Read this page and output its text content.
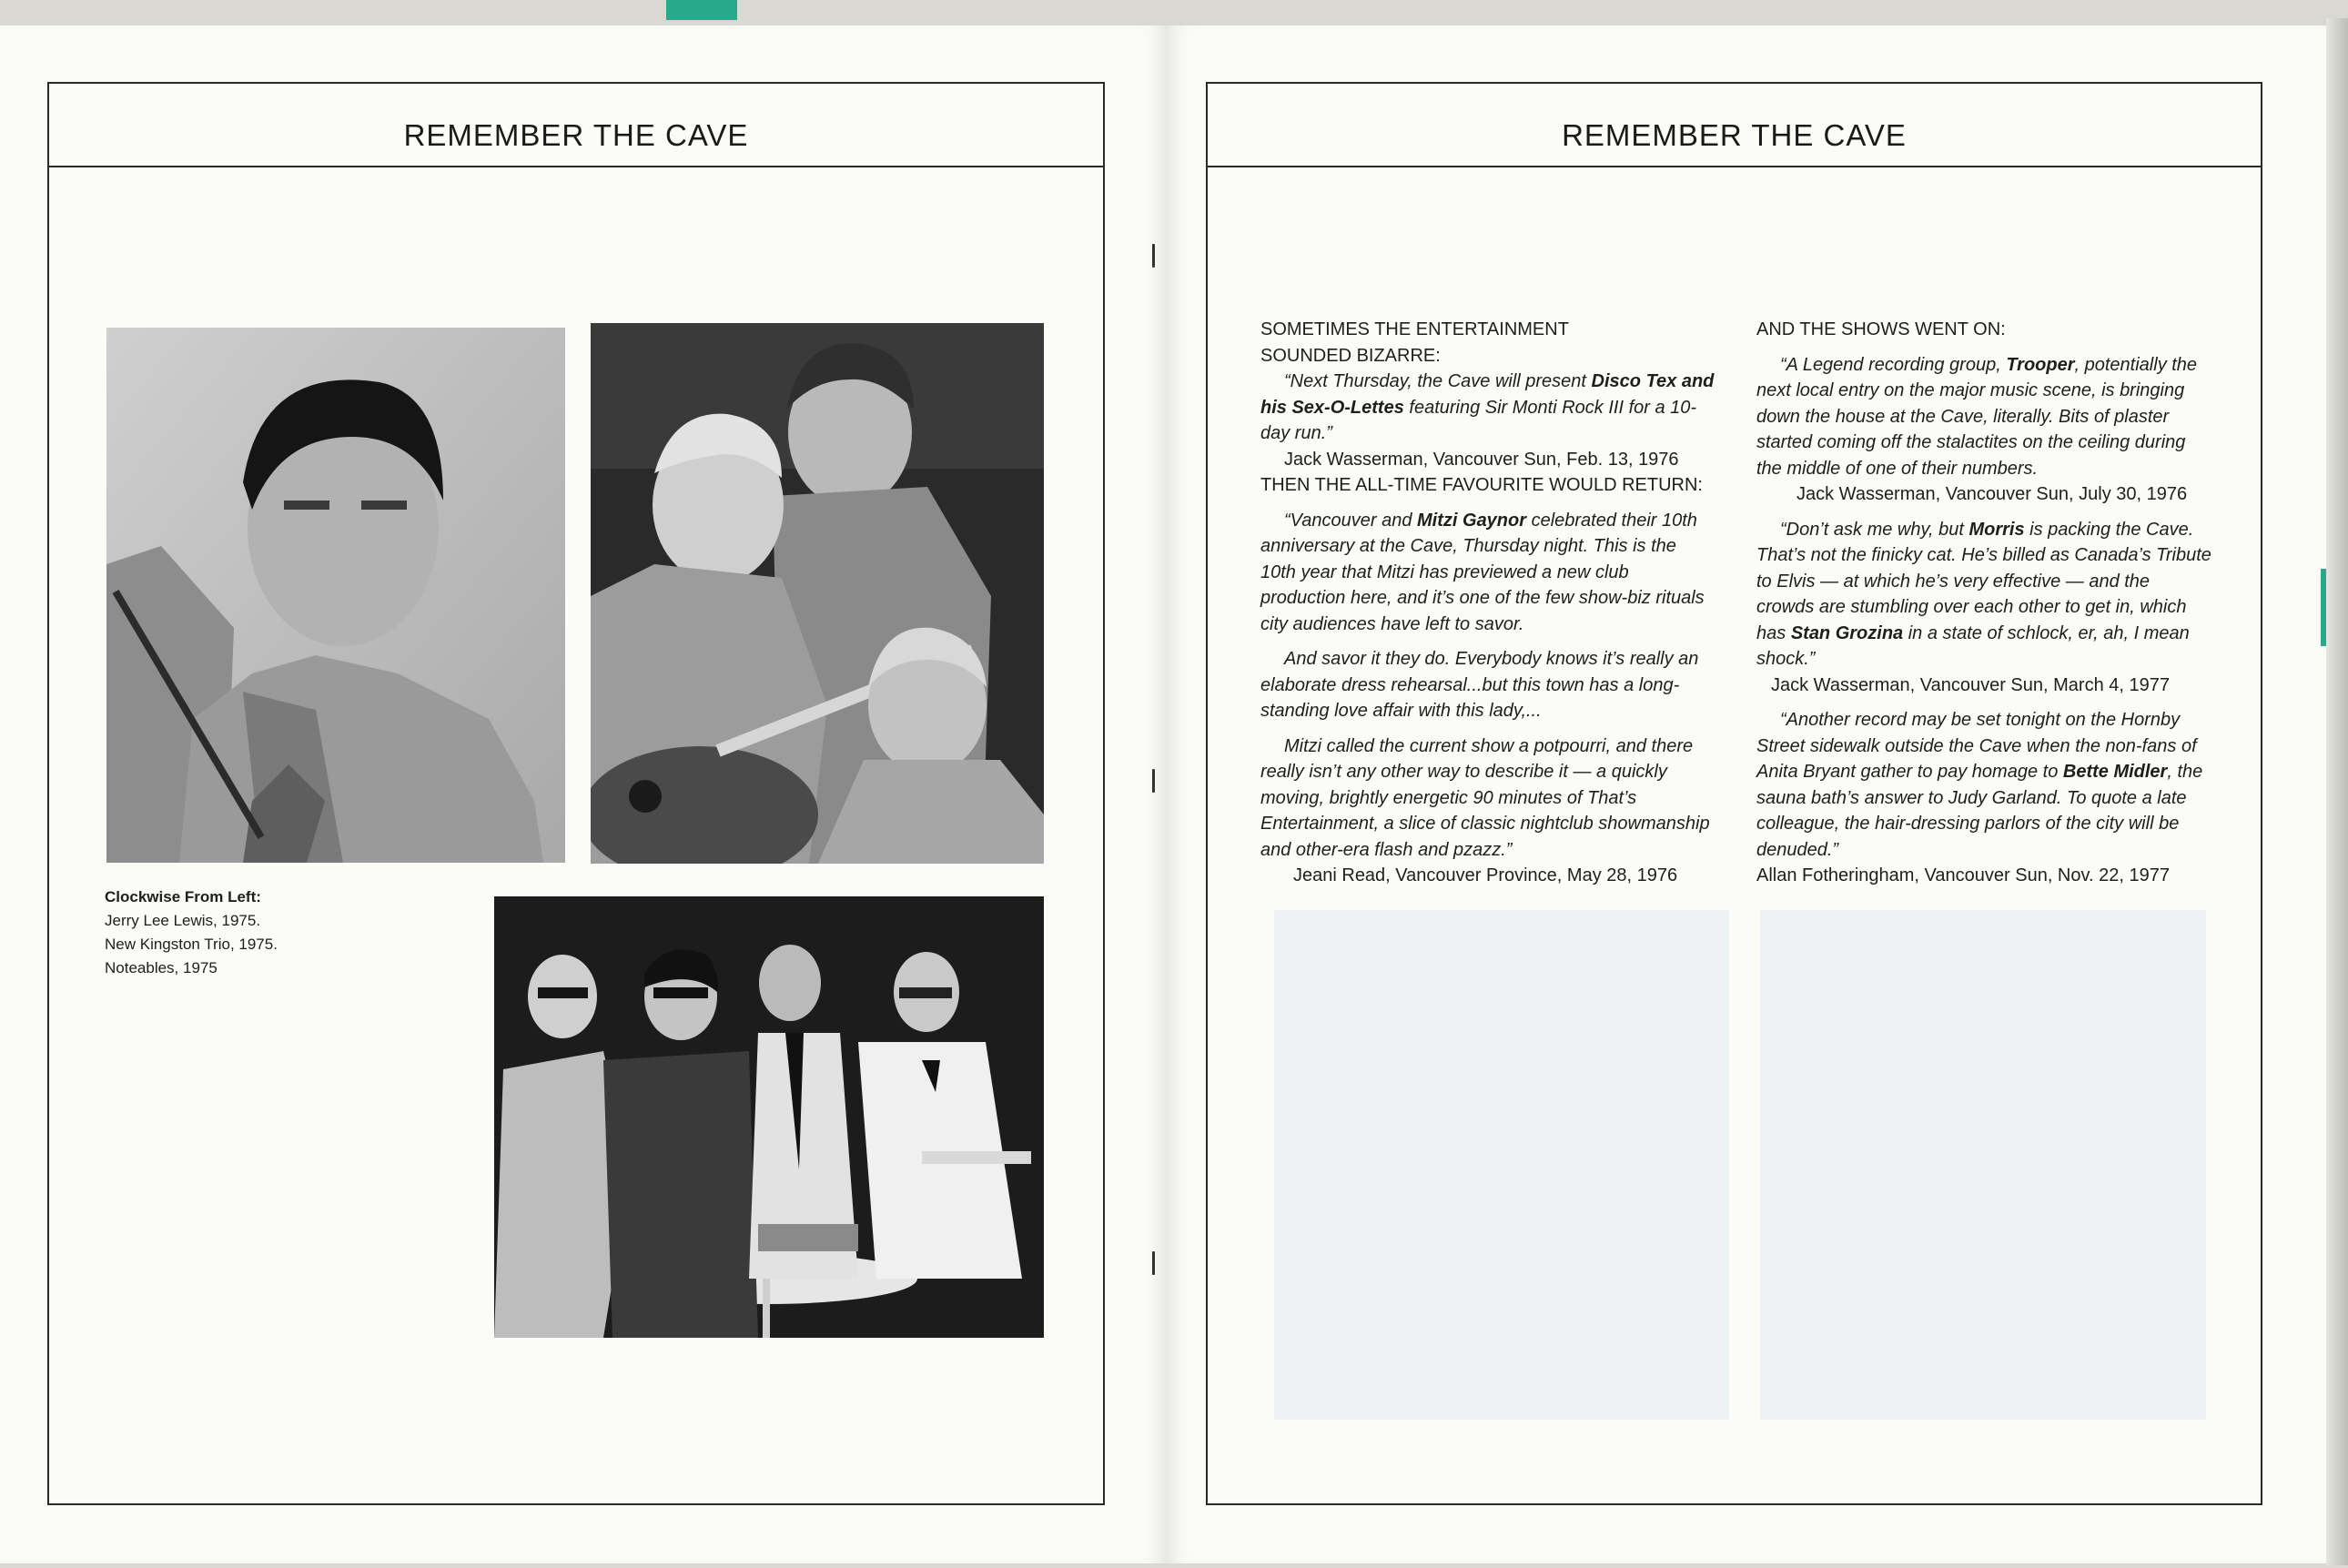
REMEMBER THE CAVE
Clockwise From Left:
Jerry Lee Lewis, 1975.
New Kingston Trio, 1975.
Noteables, 1975
REMEMBER THE CAVE

SOMETIMES THE ENTERTAINMENT

SOUNDED BIZARRE:

“Next Thursday, the Cave will present Disco Tex and his Sex-O-Lettes featuring Sir Monti Rock III for a 10-day run.”

Jack Wasserman, Vancouver Sun, Feb. 13, 1976

THEN THE ALL-TIME FAVOURITE WOULD RETURN:

“Vancouver and Mitzi Gaynor celebrated their 10th anniversary at the Cave, Thursday night. This is the 10th year that Mitzi has previewed a new club production here, and it’s one of the few show-biz rituals city audiences have left to savor.

And savor it they do. Everybody knows it’s really an elaborate dress rehearsal...but this town has a long-standing love affair with this lady,...

Mitzi called the current show a potpourri, and there really isn’t any other way to describe it — a quickly moving, brightly energetic 90 minutes of That’s Entertainment, a slice of classic nightclub showmanship and other-era flash and pzazz.”

Jeani Read, Vancouver Province, May 28, 1976

AND THE SHOWS WENT ON:

“A Legend recording group, Trooper, potentially the next local entry on the major music scene, is bringing down the house at the Cave, literally. Bits of plaster started coming off the stalactites on the ceiling during the middle of one of their numbers.

Jack Wasserman, Vancouver Sun, July 30, 1976

“Don’t ask me why, but Morris is packing the Cave. That’s not the finicky cat. He’s billed as Canada’s Tribute to Elvis — at which he’s very effective — and the crowds are stumbling over each other to get in, which has Stan Grozina in a state of schlock, er, ah, I mean shock.”

Jack Wasserman, Vancouver Sun, March 4, 1977

“Another record may be set tonight on the Hornby Street sidewalk outside the Cave when the non-fans of Anita Bryant gather to pay homage to Bette Midler, the sauna bath’s answer to Judy Garland. To quote a late colleague, the hair-dressing parlors of the city will be denuded.”

Allan Fotheringham, Vancouver Sun, Nov. 22, 1977
